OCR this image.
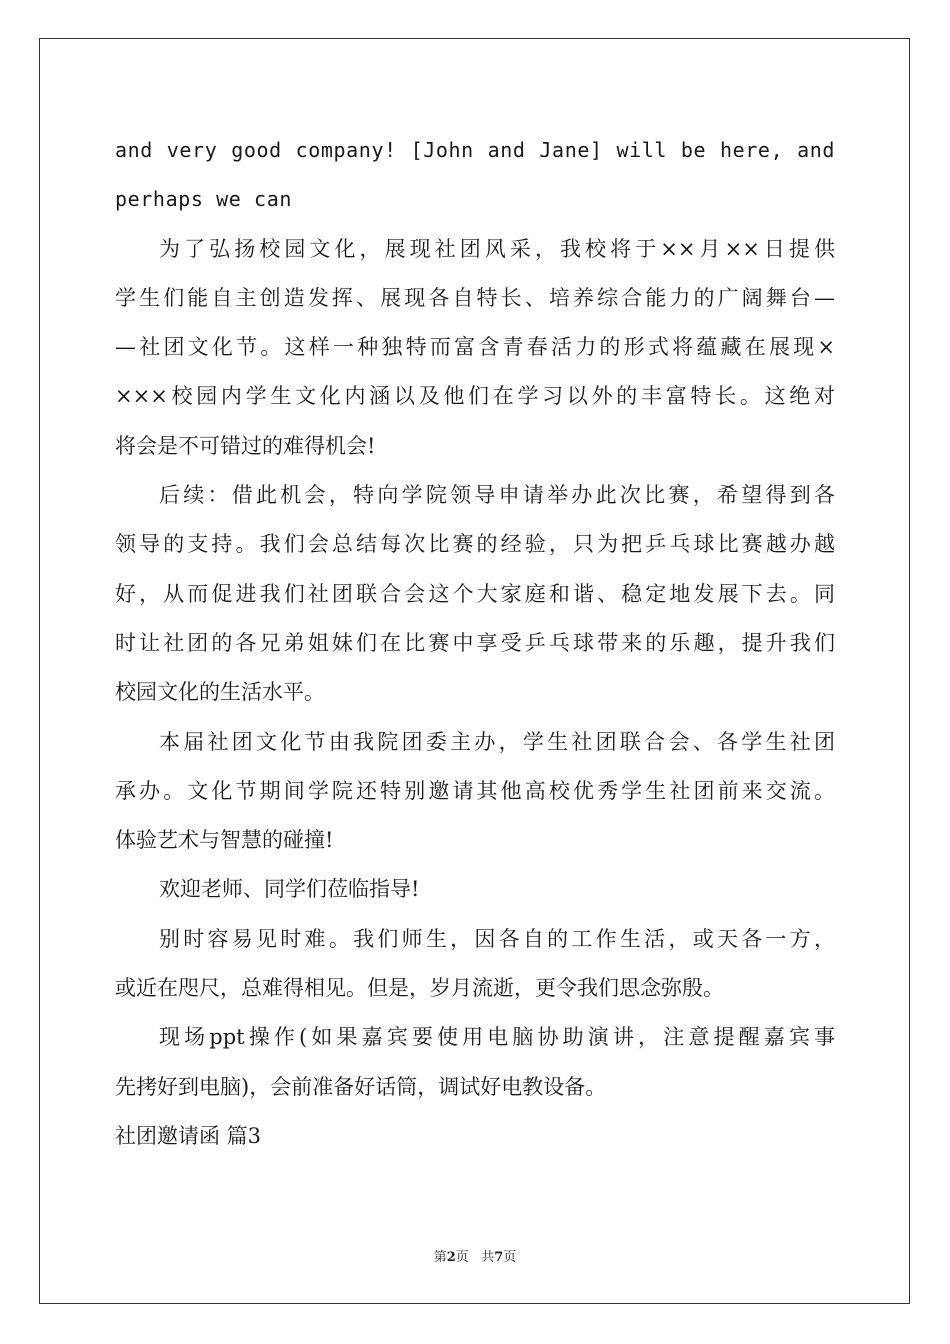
and very good company! [John and Jane] will be here, and
perhaps we can
为了弘扬校园文化，展现社团风采，我校将于××月××日提供
学生们能自主创造发挥、展现各自特长、培养综合能力的广阔舞台—
—社团文化节。这样一种独特而富含青春活力的形式将蕴藏在展现×
×××校园内学生文化内涵以及他们在学习以外的丰富特长。这绝对
将会是不可错过的难得机会!
后续：借此机会，特向学院领导申请举办此次比赛，希望得到各
领导的支持。我们会总结每次比赛的经验，只为把乒乓球比赛越办越
好，从而促进我们社团联合会这个大家庭和谐、稳定地发展下去。同
时让社团的各兄弟姐妹们在比赛中享受乒乓球带来的乐趣，提升我们
校园文化的生活水平。
本届社团文化节由我院团委主办，学生社团联合会、各学生社团
承办。文化节期间学院还特别邀请其他高校优秀学生社团前来交流。
体验艺术与智慧的碰撞!
欢迎老师、同学们莅临指导!
别时容易见时难。我们师生，因各自的工作生活，或天各一方，
或近在咫尺，总难得相见。但是，岁月流逝，更令我们思念弥殷。
现场ppt操作(如果嘉宾要使用电脑协助演讲，注意提醒嘉宾事
先拷好到电脑)，会前准备好话筒，调试好电教设备。
社团邀请函 篇3
第2页 共7页
